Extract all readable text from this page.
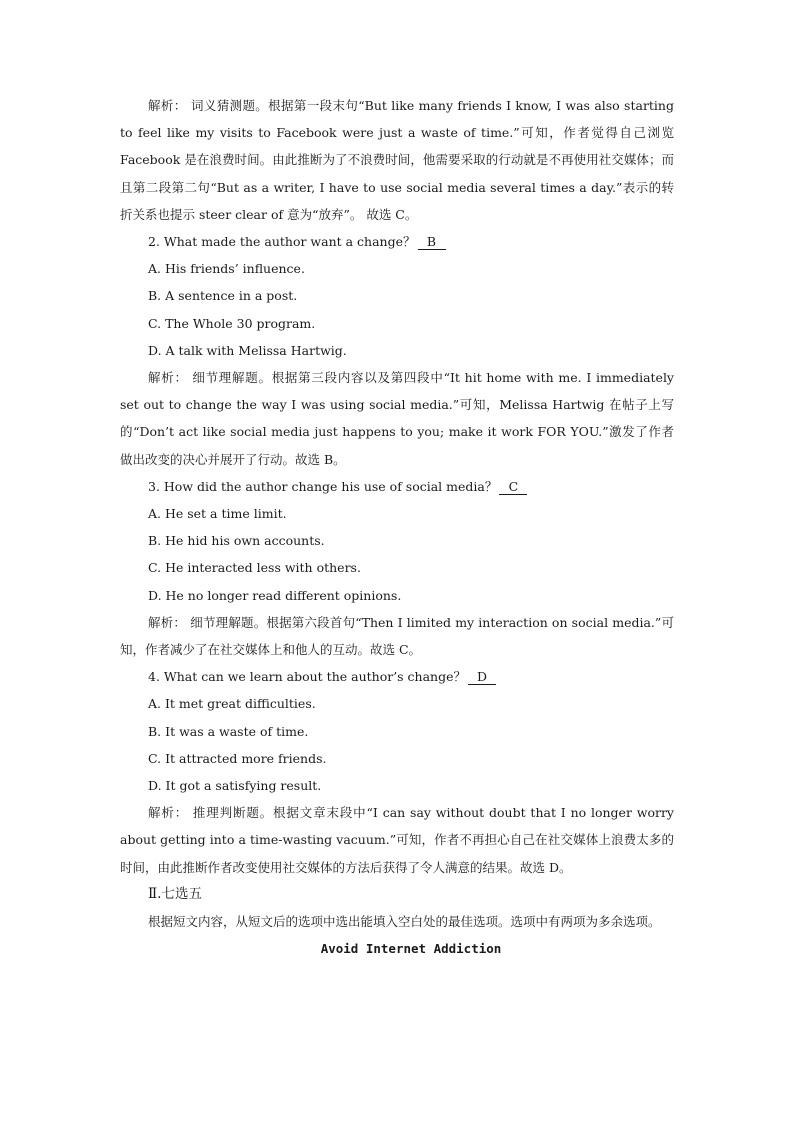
解析： 词义猜测题。根据第一段末句“But like many friends I know, I was also starting to feel like my visits to Facebook were just a waste of time.”可知，作者觉得自己浏览 Facebook 是在浪费时间。由此推断为了不浪费时间，他需要采取的行动就是不再使用社交媒体；而且第二段第二句“But as a writer, I have to use social media several times a day.”表示的转折关系也提示 steer clear of 意为“放弃”。 故选 C。

2. What made the author want a change？ B

A. His friends’ influence.

B. A sentence in a post.

C. The Whole 30 program.

D. A talk with Melissa Hartwig.

解析： 细节理解题。根据第三段内容以及第四段中“It hit home with me. I immediately set out to change the way I was using social media.”可知，Melissa Hartwig 在帖子上写的“Don’t act like social media just happens to you; make it work FOR YOU.”激发了作者做出改变的决心并展开了行动。故选 B。

3. How did the author change his use of social media？ C

A. He set a time limit.

B. He hid his own accounts.

C. He interacted less with others.

D. He no longer read different opinions.

解析： 细节理解题。根据第六段首句“Then I limited my interaction on social media.”可知，作者减少了在社交媒体上和他人的互动。故选 C。

4. What can we learn about the author’s change？ D

A. It met great difficulties.

B. It was a waste of time.

C. It attracted more friends.

D. It got a satisfying result.

解析： 推理判断题。根据文章末段中“I can say without doubt that I no longer worry about getting into a time-wasting vacuum.”可知，作者不再担心自己在社交媒体上浪费太多的时间，由此推断作者改变使用社交媒体的方法后获得了令人满意的结果。故选 D。

Ⅱ.七选五

根据短文内容，从短文后的选项中选出能填入空白处的最佳选项。选项中有两项为多余选项。

Avoid Internet Addiction
